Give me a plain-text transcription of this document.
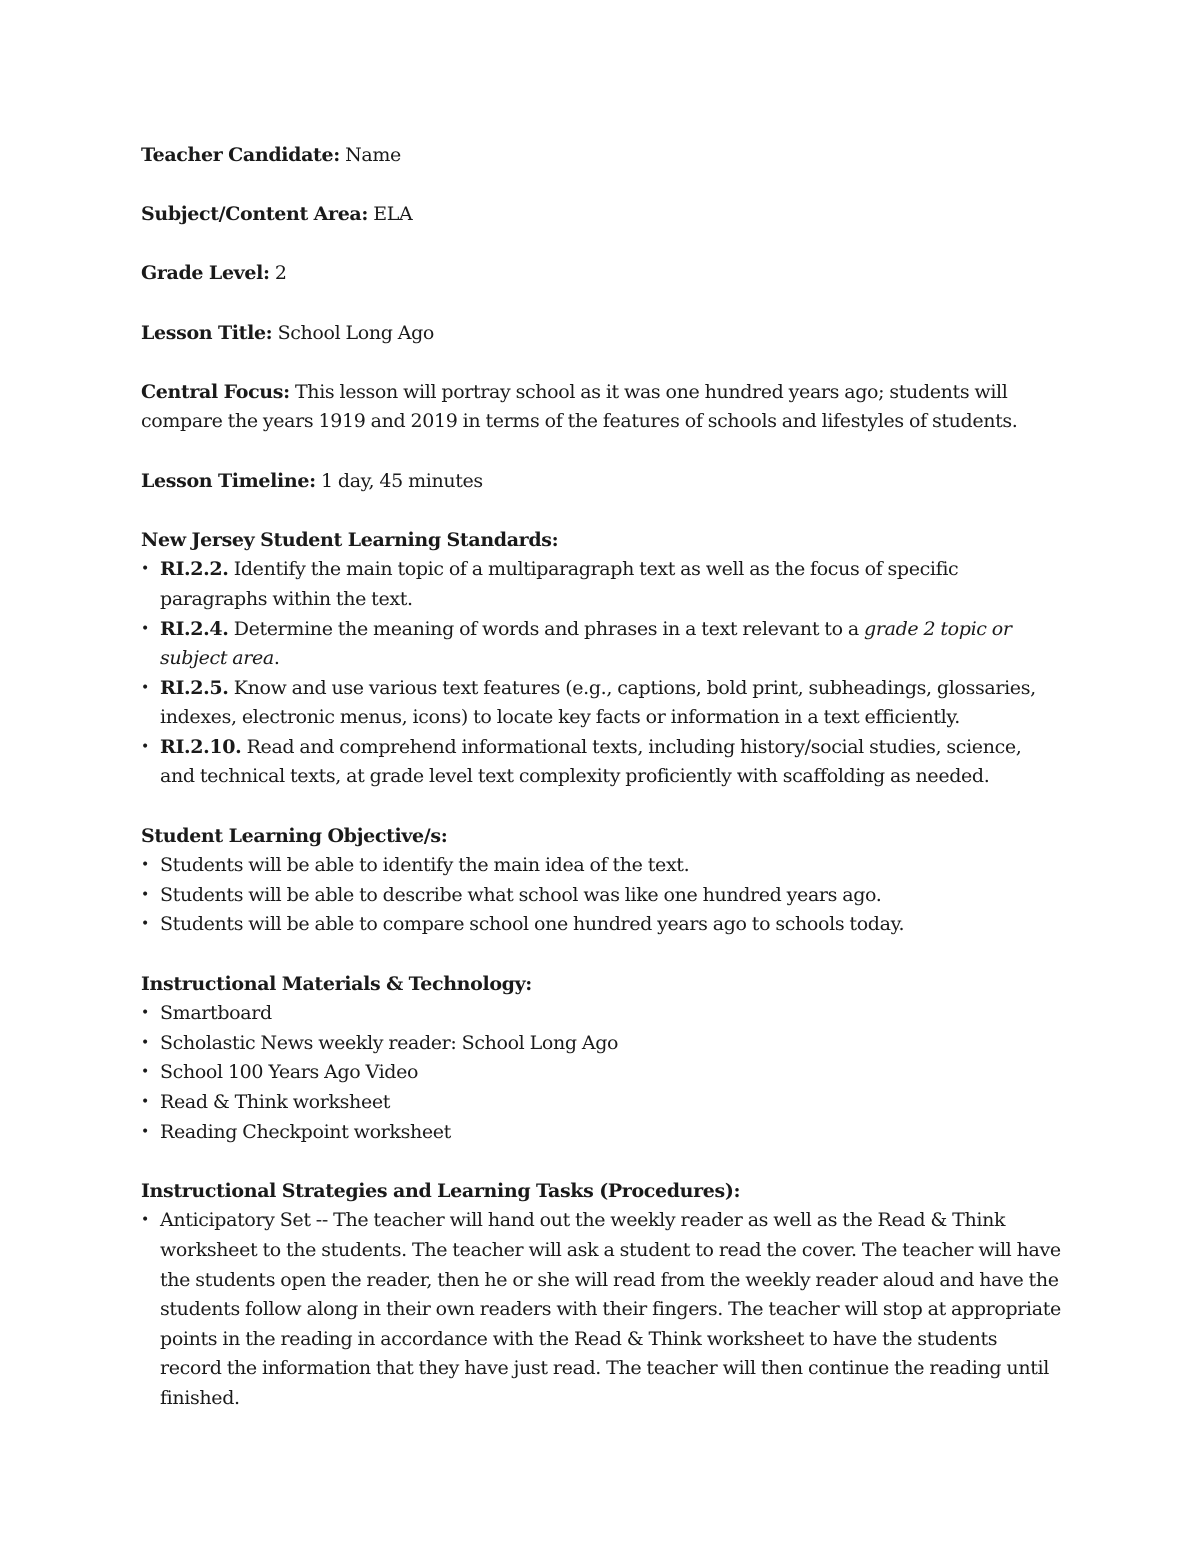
Teacher Candidate: Name

Subject/Content Area: ELA

Grade Level: 2

Lesson Title: School Long Ago

Central Focus: This lesson will portray school as it was one hundred years ago; students will compare the years 1919 and 2019 in terms of the features of schools and lifestyles of students.

Lesson Timeline: 1 day, 45 minutes

New Jersey Student Learning Standards:

• RI.2.2. Identify the main topic of a multiparagraph text as well as the focus of specific paragraphs within the text.
• RI.2.4. Determine the meaning of words and phrases in a text relevant to a grade 2 topic or subject area.
• RI.2.5. Know and use various text features (e.g., captions, bold print, subheadings, glossaries, indexes, electronic menus, icons) to locate key facts or information in a text efficiently.
• RI.2.10. Read and comprehend informational texts, including history/social studies, science, and technical texts, at grade level text complexity proficiently with scaffolding as needed.

Student Learning Objective/s:

• Students will be able to identify the main idea of the text.
• Students will be able to describe what school was like one hundred years ago.
• Students will be able to compare school one hundred years ago to schools today.

Instructional Materials & Technology:

• Smartboard
• Scholastic News weekly reader: School Long Ago
• School 100 Years Ago Video
• Read & Think worksheet
• Reading Checkpoint worksheet

Instructional Strategies and Learning Tasks (Procedures):

• Anticipatory Set -- The teacher will hand out the weekly reader as well as the Read & Think worksheet to the students. The teacher will ask a student to read the cover. The teacher will have the students open the reader, then he or she will read from the weekly reader aloud and have the students follow along in their own readers with their fingers. The teacher will stop at appropriate points in the reading in accordance with the Read & Think worksheet to have the students record the information that they have just read. The teacher will then continue the reading until finished.
